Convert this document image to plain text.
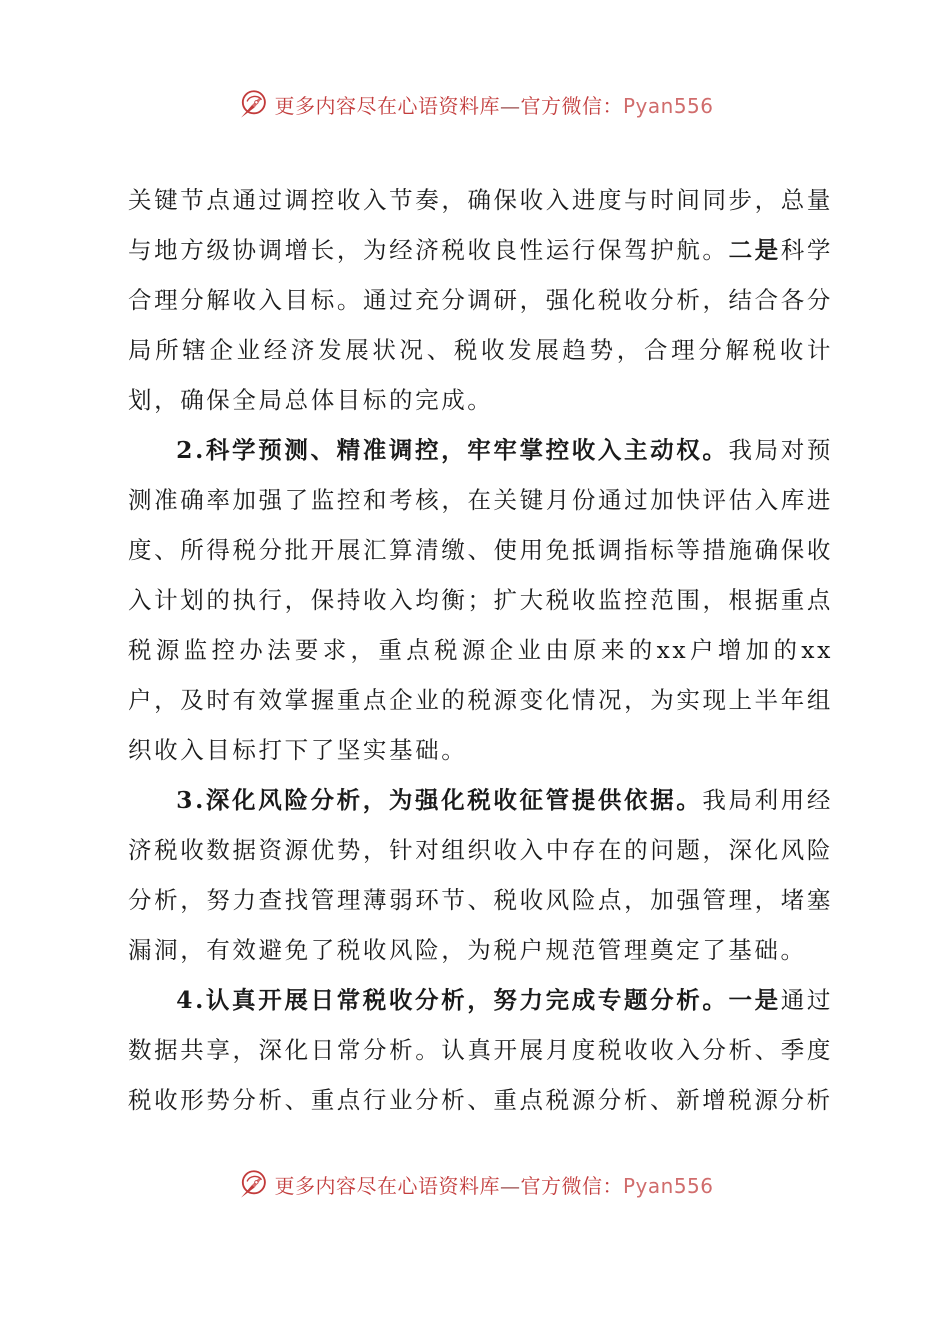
更多内容尽在心语资料库—官方微信：Pyan556

关键节点通过调控收入节奏，确保收入进度与时间同步，总量与地方级协调增长，为经济税收良性运行保驾护航。二是科学合理分解收入目标。通过充分调研，强化税收分析，结合各分局所辖企业经济发展状况、税收发展趋势，合理分解税收计划，确保全局总体目标的完成。

2.科学预测、精准调控，牢牢掌控收入主动权。我局对预测准确率加强了监控和考核，在关键月份通过加快评估入库进度、所得税分批开展汇算清缴、使用免抵调指标等措施确保收入计划的执行，保持收入均衡；扩大税收监控范围，根据重点税源监控办法要求，重点税源企业由原来的xx户增加的xx户，及时有效掌握重点企业的税源变化情况，为实现上半年组织收入目标打下了坚实基础。

3.深化风险分析，为强化税收征管提供依据。我局利用经济税收数据资源优势，针对组织收入中存在的问题，深化风险分析，努力查找管理薄弱环节、税收风险点，加强管理，堵塞漏洞，有效避免了税收风险，为税户规范管理奠定了基础。

4.认真开展日常税收分析，努力完成专题分析。一是通过数据共享，深化日常分析。认真开展月度税收收入分析、季度税收形势分析、重点行业分析、重点税源分析、新增税源分析

更多内容尽在心语资料库—官方微信：Pyan556
